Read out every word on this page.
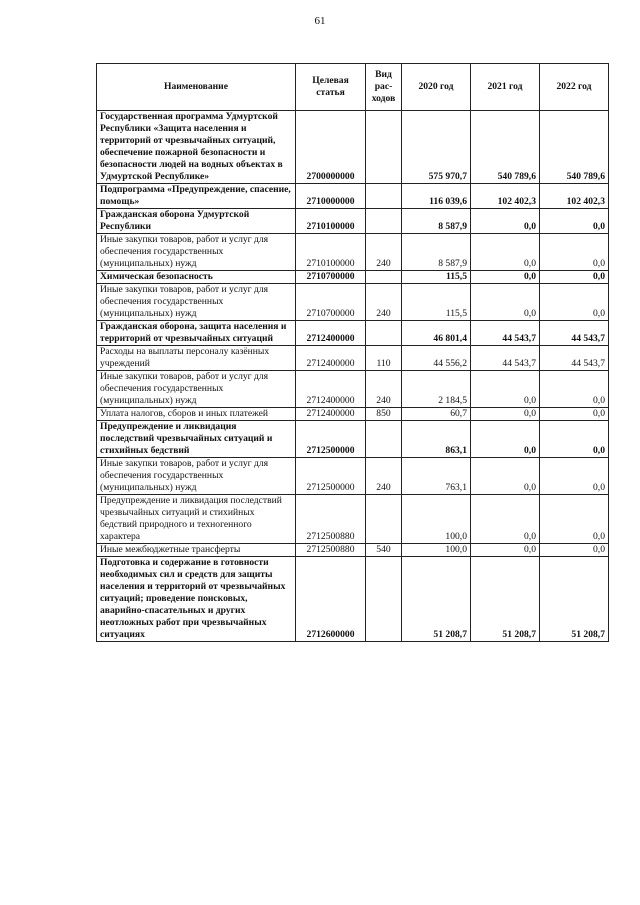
61
Наименование	Целевая статья	Вид рас- ходов	2020 год	2021 год	2022 год
Государственная программа Удмуртской Республики «Защита населения и территорий от чрезвычайных ситуаций, обеспечение пожарной безопасности и безопасности людей на водных объектах в Удмуртской Республике»	2700000000		575 970,7	540 789,6	540 789,6
Подпрограмма «Предупреждение, спасение, помощь»	2710000000		116 039,6	102 402,3	102 402,3
Гражданская оборона Удмуртской Республики	2710100000		8 587,9	0,0	0,0
Иные закупки товаров, работ и услуг для обеспечения государственных (муниципальных) нужд	2710100000	240	8 587,9	0,0	0,0
Химическая безопасность	2710700000		115,5	0,0	0,0
Иные закупки товаров, работ и услуг для обеспечения государственных (муниципальных) нужд	2710700000	240	115,5	0,0	0,0
Гражданская оборона, защита населения и территорий от чрезвычайных ситуаций	2712400000		46 801,4	44 543,7	44 543,7
Расходы на выплаты персоналу казённых учреждений	2712400000	110	44 556,2	44 543,7	44 543,7
Иные закупки товаров, работ и услуг для обеспечения государственных (муниципальных) нужд	2712400000	240	2 184,5	0,0	0,0
Уплата налогов, сборов и иных платежей	2712400000	850	60,7	0,0	0,0
Предупреждение и ликвидация последствий чрезвычайных ситуаций и стихийных бедствий	2712500000		863,1	0,0	0,0
Иные закупки товаров, работ и услуг для обеспечения государственных (муниципальных) нужд	2712500000	240	763,1	0,0	0,0
Предупреждение и ликвидация последствий чрезвычайных ситуаций и стихийных бедствий природного и техногенного характера	2712500880		100,0	0,0	0,0
Иные межбюджетные трансферты	2712500880	540	100,0	0,0	0,0
Подготовка и содержание в готовности необходимых сил и средств для защиты населения и территорий от чрезвычайных ситуаций; проведение поисковых, аварийно-спасательных и других неотложных работ при чрезвычайных ситуациях	2712600000		51 208,7	51 208,7	51 208,7
